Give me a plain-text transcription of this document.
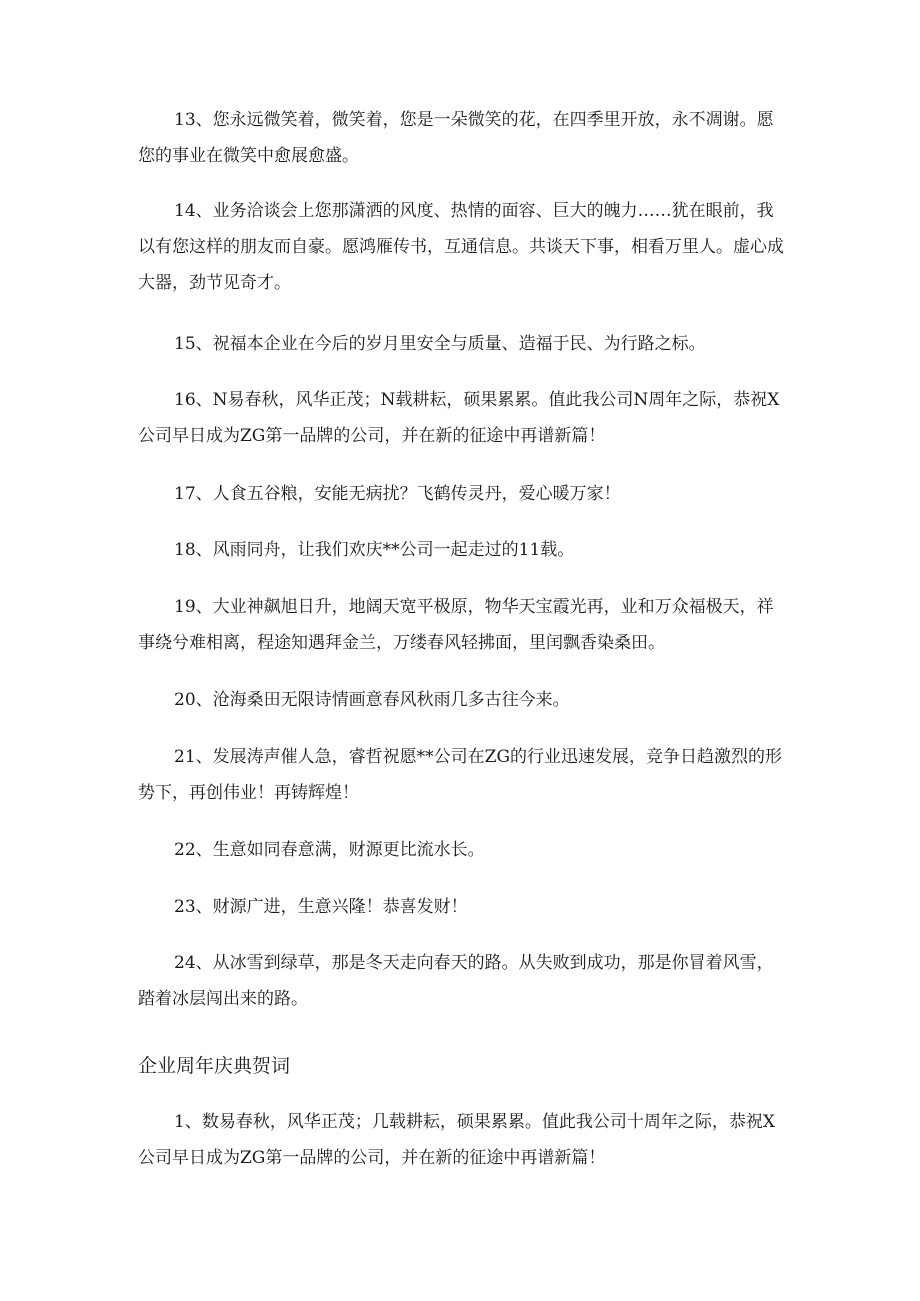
13、您永远微笑着，微笑着，您是一朵微笑的花，在四季里开放，永不凋谢。愿您的事业在微笑中愈展愈盛。

14、业务洽谈会上您那潇洒的风度、热情的面容、巨大的魄力……犹在眼前，我以有您这样的朋友而自豪。愿鸿雁传书，互通信息。共谈天下事，相看万里人。虚心成大器，劲节见奇才。

15、祝福本企业在今后的岁月里安全与质量、造福于民、为行路之标。

16、N易春秋，风华正茂；N载耕耘，硕果累累。值此我公司N周年之际，恭祝X公司早日成为ZG第一品牌的公司，并在新的征途中再谱新篇！

17、人食五谷粮，安能无病扰？飞鹤传灵丹，爱心暖万家！

18、风雨同舟，让我们欢庆**公司一起走过的11载。

19、大业神飙旭日升，地阔天宽平极原，物华天宝霞光再，业和万众福极天，祥事绕兮难相离，程途知遇拜金兰，万缕春风轻拂面，里闰飘香染桑田。

20、沧海桑田无限诗情画意春风秋雨几多古往今来。

21、发展涛声催人急，睿哲祝愿**公司在ZG的行业迅速发展，竞争日趋激烈的形势下，再创伟业！再铸辉煌！

22、生意如同春意满，财源更比流水长。

23、财源广进，生意兴隆！恭喜发财！

24、从冰雪到绿草，那是冬天走向春天的路。从失败到成功，那是你冒着风雪，踏着冰层闯出来的路。

企业周年庆典贺词

1、数易春秋，风华正茂；几载耕耘，硕果累累。值此我公司十周年之际，恭祝X公司早日成为ZG第一品牌的公司，并在新的征途中再谱新篇！
